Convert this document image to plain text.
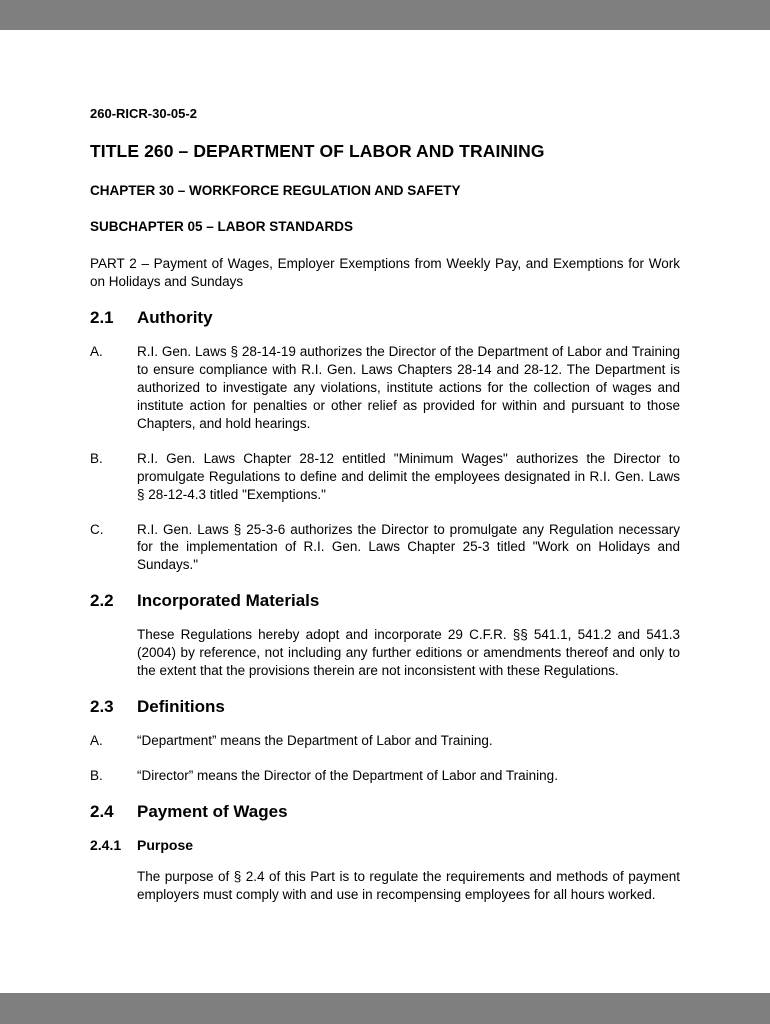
260-RICR-30-05-2

TITLE 260 – DEPARTMENT OF LABOR AND TRAINING

CHAPTER 30 – WORKFORCE REGULATION AND SAFETY

SUBCHAPTER 05 – LABOR STANDARDS

PART 2 – Payment of Wages, Employer Exemptions from Weekly Pay, and Exemptions for Work on Holidays and Sundays

2.1	Authority
A.	R.I. Gen. Laws § 28-14-19 authorizes the Director of the Department of Labor and Training to ensure compliance with R.I. Gen. Laws Chapters 28-14 and 28-12. The Department is authorized to investigate any violations, institute actions for the collection of wages and institute action for penalties or other relief as provided for within and pursuant to those Chapters, and hold hearings.
B.	R.I. Gen. Laws Chapter 28-12 entitled "Minimum Wages" authorizes the Director to promulgate Regulations to define and delimit the employees designated in R.I. Gen. Laws § 28-12-4.3 titled "Exemptions."
C.	R.I. Gen. Laws § 25-3-6 authorizes the Director to promulgate any Regulation necessary for the implementation of R.I. Gen. Laws Chapter 25-3 titled "Work on Holidays and Sundays."
2.2	Incorporated Materials

These Regulations hereby adopt and incorporate 29 C.F.R. §§ 541.1, 541.2 and 541.3 (2004) by reference, not including any further editions or amendments thereof and only to the extent that the provisions therein are not inconsistent with these Regulations.

2.3	Definitions
A.	“Department” means the Department of Labor and Training.
B.	“Director” means the Director of the Department of Labor and Training.
2.4	Payment of Wages
2.4.1	Purpose

The purpose of § 2.4 of this Part is to regulate the requirements and methods of payment employers must comply with and use in recompensing employees for all hours worked.
